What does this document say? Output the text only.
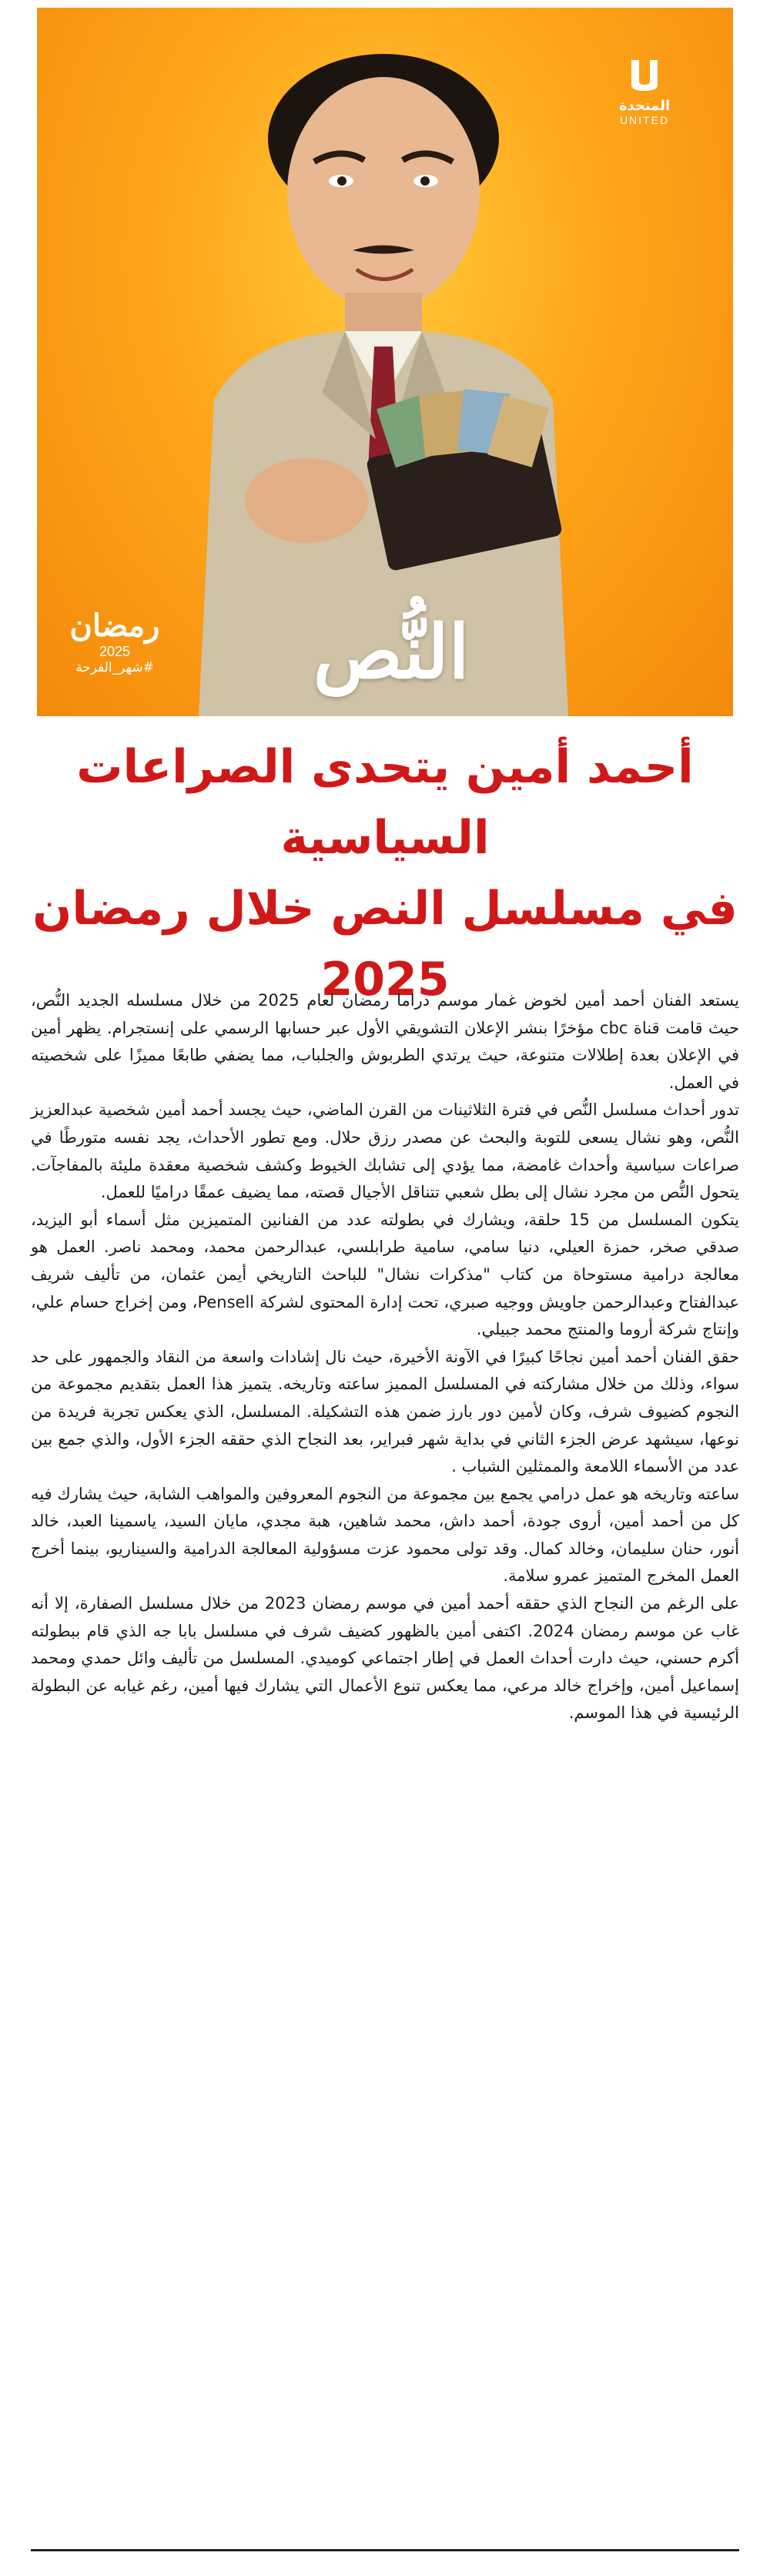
المتحدة
UNITED
النُّص
رمضان
2025
#شهر_الفرحة
أحمد أمين يتحدى الصراعات السياسية
في مسلسل النص خلال رمضان 2025

يستعد الفنان أحمد أمين لخوض غمار موسم دراما رمضان لعام 2025 من خلال مسلسله الجديد النُّص، حيث قامت قناة cbc مؤخرًا بنشر الإعلان التشويقي الأول عبر حسابها الرسمي على إنستجرام. يظهر أمين في الإعلان بعدة إطلالات متنوعة، حيث يرتدي الطربوش والجلباب، مما يضفي طابعًا مميزًا على شخصيته في العمل.

تدور أحداث مسلسل النُّص في فترة الثلاثينات من القرن الماضي، حيث يجسد أحمد أمين شخصية عبدالعزيز النُّص، وهو نشال يسعى للتوبة والبحث عن مصدر رزق حلال. ومع تطور الأحداث، يجد نفسه متورطًا في صراعات سياسية وأحداث غامضة، مما يؤدي إلى تشابك الخيوط وكشف شخصية معقدة مليئة بالمفاجآت. يتحول النُّص من مجرد نشال إلى بطل شعبي تتناقل الأجيال قصته، مما يضيف عمقًا دراميًا للعمل.

يتكون المسلسل من 15 حلقة، ويشارك في بطولته عدد من الفنانين المتميزين مثل أسماء أبو اليزيد، صدقي صخر، حمزة العيلي، دنيا سامي، سامية طرابلسي، عبدالرحمن محمد، ومحمد ناصر. العمل هو معالجة درامية مستوحاة من كتاب "مذكرات نشال" للباحث التاريخي أيمن عثمان، من تأليف شريف عبدالفتاح وعبدالرحمن جاويش ووجيه صبري، تحت إدارة المحتوى لشركة Pensell، ومن إخراج حسام علي، وإنتاج شركة أروما والمنتج محمد جبيلي.

حقق الفنان أحمد أمين نجاحًا كبيرًا في الآونة الأخيرة، حيث نال إشادات واسعة من النقاد والجمهور على حد سواء، وذلك من خلال مشاركته في المسلسل المميز ساعته وتاريخه. يتميز هذا العمل بتقديم مجموعة من النجوم كضيوف شرف، وكان لأمين دور بارز ضمن هذه التشكيلة. المسلسل، الذي يعكس تجربة فريدة من نوعها، سيشهد عرض الجزء الثاني في بداية شهر فبراير، بعد النجاح الذي حققه الجزء الأول، والذي جمع بين عدد من الأسماء اللامعة والممثلين الشباب .

ساعته وتاريخه هو عمل درامي يجمع بين مجموعة من النجوم المعروفين والمواهب الشابة، حيث يشارك فيه كل من أحمد أمين، أروى جودة، أحمد داش، محمد شاهين، هبة مجدي، مايان السيد، ياسمينا العبد، خالد أنور، حنان سليمان، وخالد كمال. وقد تولى محمود عزت مسؤولية المعالجة الدرامية والسيناريو، بينما أخرج العمل المخرج المتميز عمرو سلامة.

على الرغم من النجاح الذي حققه أحمد أمين في موسم رمضان 2023 من خلال مسلسل الصفارة، إلا أنه غاب عن موسم رمضان 2024. اكتفى أمين بالظهور كضيف شرف في مسلسل بابا جه الذي قام ببطولته أكرم حسني، حيث دارت أحداث العمل في إطار اجتماعي كوميدي. المسلسل من تأليف وائل حمدي ومحمد إسماعيل أمين، وإخراج خالد مرعي، مما يعكس تنوع الأعمال التي يشارك فيها أمين، رغم غيابه عن البطولة الرئيسية في هذا الموسم.
